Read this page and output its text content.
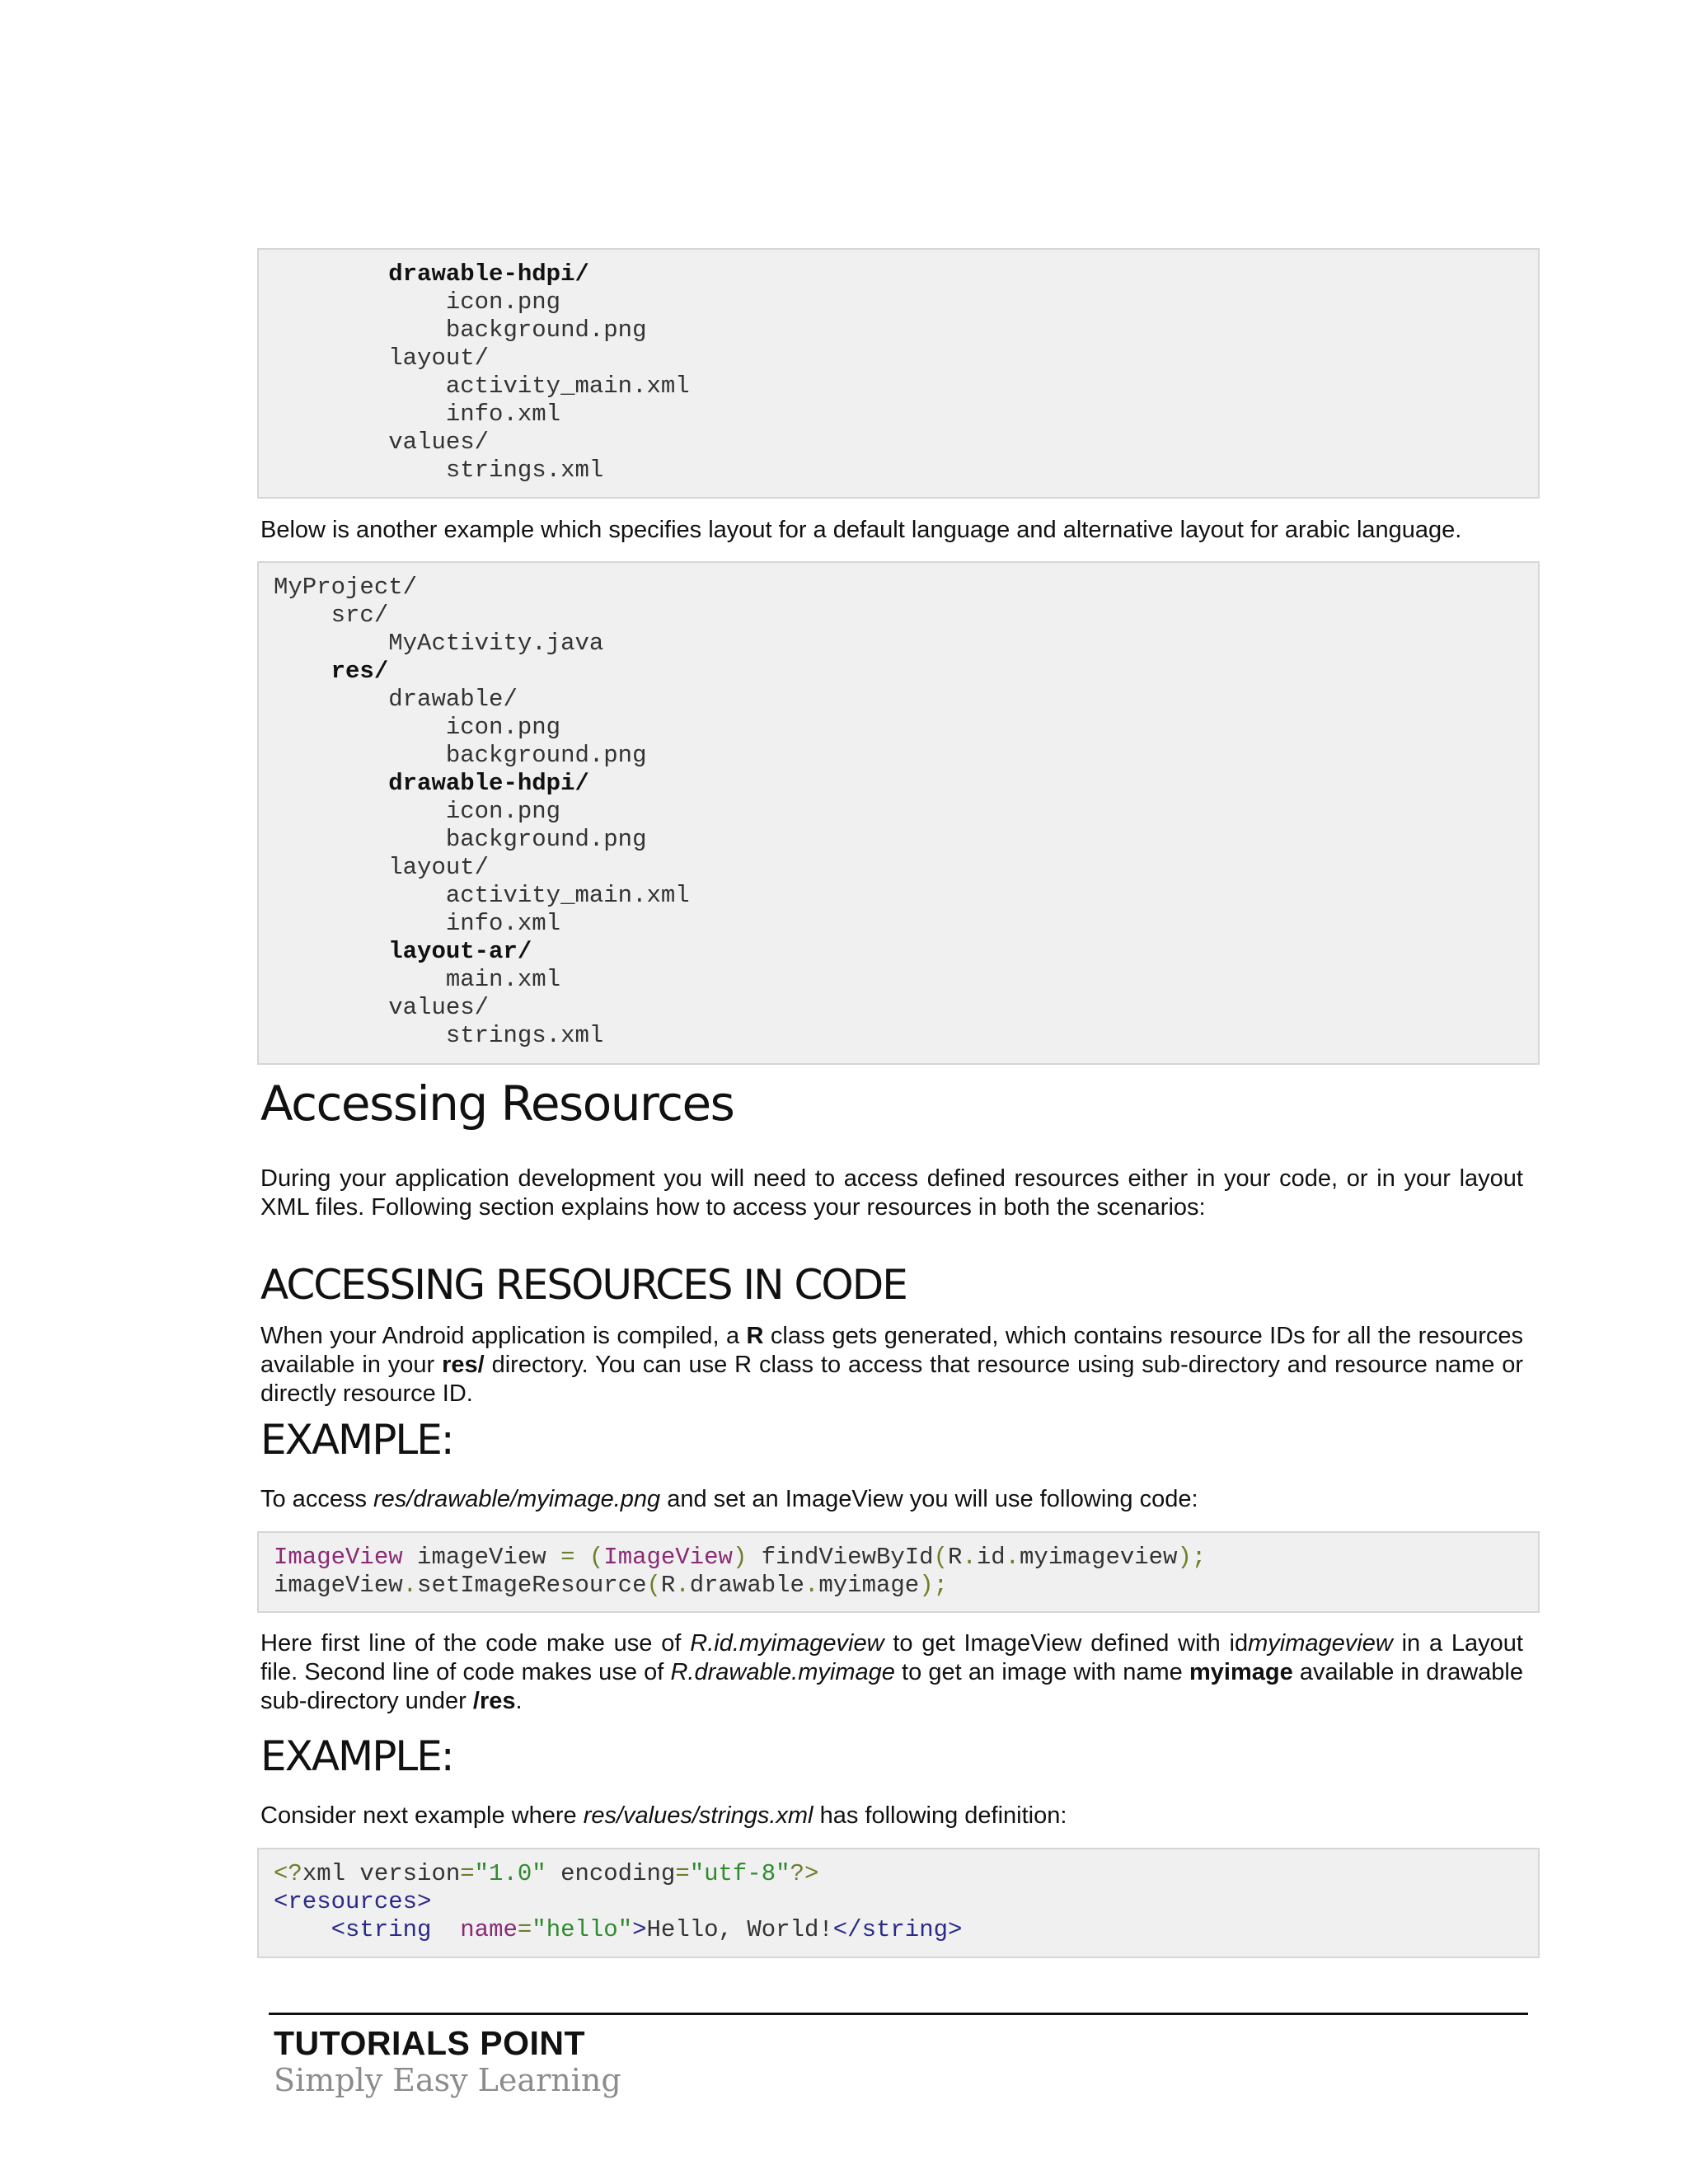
drawable-hdpi/
icon.png
background.png
layout/
activity_main.xml
info.xml
values/
strings.xml
Below is another example which specifies layout for a default language and alternative layout for arabic language.
MyProject/
src/
MyActivity.java
res/
drawable/
icon.png
background.png
drawable-hdpi/
icon.png
background.png
layout/
activity_main.xml
info.xml
layout-ar/
main.xml
values/
strings.xml
Accessing Resources
During your application development you will need to access defined resources either in your code, or in your layout XML files. Following section explains how to access your resources in both the scenarios:
ACCESSING RESOURCES IN CODE
When your Android application is compiled, a R class gets generated, which contains resource IDs for all the resources available in your res/ directory. You can use R class to access that resource using sub-directory and resource name or directly resource ID.
EXAMPLE:
To access res/drawable/myimage.png and set an ImageView you will use following code:
ImageView imageView = (ImageView) findViewById(R.id.myimageview);
imageView.setImageResource(R.drawable.myimage);
Here first line of the code make use of R.id.myimageview to get ImageView defined with idmyimageview in a Layout file. Second line of code makes use of R.drawable.myimage to get an image with name myimage available in drawable sub-directory under /res.
EXAMPLE:
Consider next example where res/values/strings.xml has following definition:
<?xml version="1.0" encoding="utf-8"?>
<resources>
<string name="hello">Hello, World!</string>
TUTORIALS POINT
Simply Easy Learning
